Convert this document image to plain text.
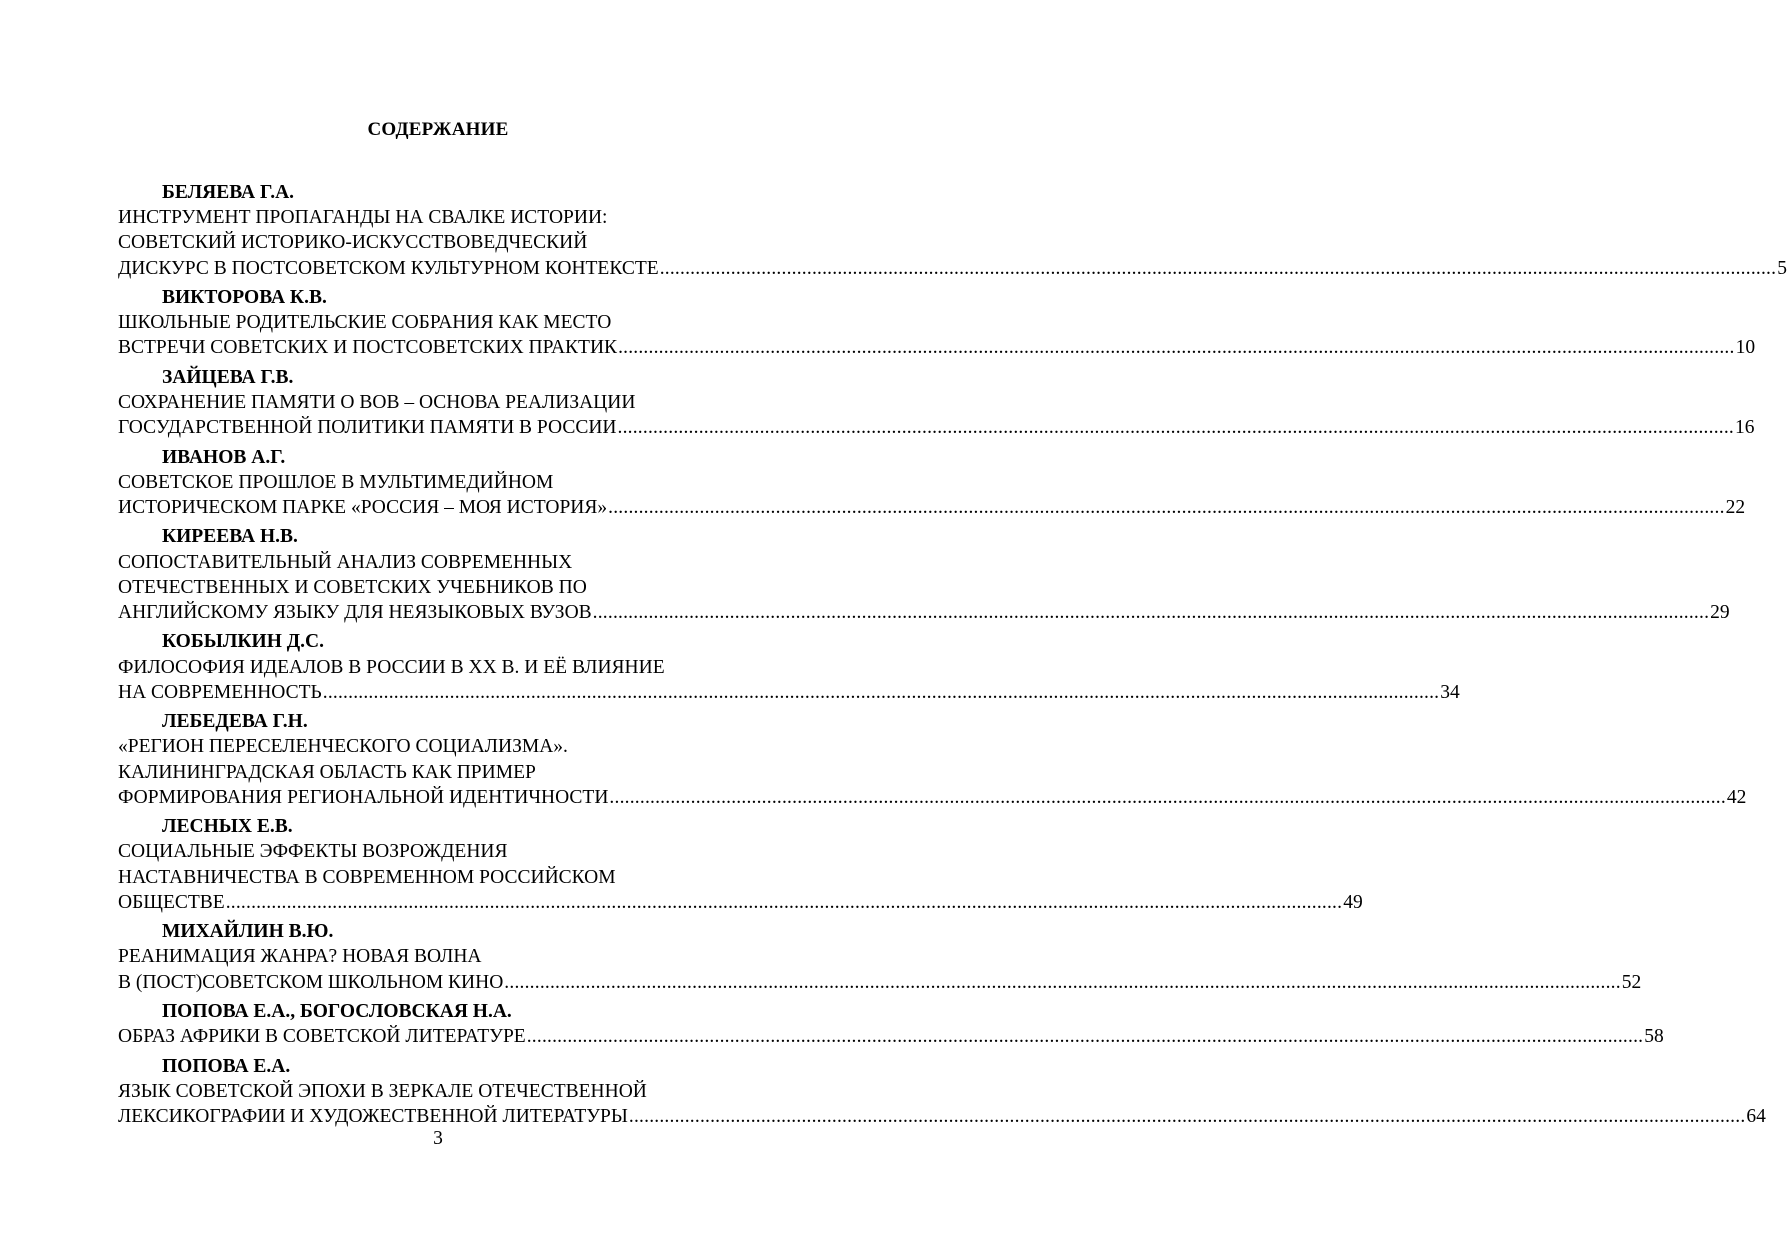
СОДЕРЖАНИЕ
БЕЛЯЕВА Г.А.
ИНСТРУМЕНТ ПРОПАГАНДЫ НА СВАЛКЕ ИСТОРИИ:
СОВЕТСКИЙ ИСТОРИКО-ИСКУССТВОВЕДЧЕСКИЙ
ДИСКУРС В ПОСТСОВЕТСКОМ КУЛЬТУРНОМ КОНТЕКСТЕ ............................................................................................................................................................................................................................ 5
ВИКТОРОВА К.В.
ШКОЛЬНЫЕ РОДИТЕЛЬСКИЕ СОБРАНИЯ КАК МЕСТО
ВСТРЕЧИ СОВЕТСКИХ И ПОСТСОВЕТСКИХ ПРАКТИК ............................................................................................................................................................................................................................ 10
ЗАЙЦЕВА Г.В.
СОХРАНЕНИЕ ПАМЯТИ О ВОВ – ОСНОВА РЕАЛИЗАЦИИ
ГОСУДАРСТВЕННОЙ ПОЛИТИКИ ПАМЯТИ В РОССИИ ............................................................................................................................................................................................................................ 16
ИВАНОВ А.Г.
СОВЕТСКОЕ ПРОШЛОЕ В МУЛЬТИМЕДИЙНОМ
ИСТОРИЧЕСКОМ ПАРКЕ «РОССИЯ – МОЯ ИСТОРИЯ» ............................................................................................................................................................................................................................ 22
КИРЕЕВА Н.В.
СОПОСТАВИТЕЛЬНЫЙ АНАЛИЗ СОВРЕМЕННЫХ
ОТЕЧЕСТВЕННЫХ И СОВЕТСКИХ УЧЕБНИКОВ ПО
АНГЛИЙСКОМУ ЯЗЫКУ ДЛЯ НЕЯЗЫКОВЫХ ВУЗОВ ............................................................................................................................................................................................................................ 29
КОБЫЛКИН Д.С.
ФИЛОСОФИЯ ИДЕАЛОВ В РОССИИ В XX В. И ЕЁ ВЛИЯНИЕ
НА СОВРЕМЕННОСТЬ ............................................................................................................................................................................................................................ 34
ЛЕБЕДЕВА Г.Н.
«РЕГИОН ПЕРЕСЕЛЕНЧЕСКОГО СОЦИАЛИЗМА».
КАЛИНИНГРАДСКАЯ ОБЛАСТЬ КАК ПРИМЕР
ФОРМИРОВАНИЯ РЕГИОНАЛЬНОЙ ИДЕНТИЧНОСТИ ............................................................................................................................................................................................................................ 42
ЛЕСНЫХ Е.В.
СОЦИАЛЬНЫЕ ЭФФЕКТЫ ВОЗРОЖДЕНИЯ
НАСТАВНИЧЕСТВА В СОВРЕМЕННОМ РОССИЙСКОМ
ОБЩЕСТВЕ ............................................................................................................................................................................................................................ 49
МИХАЙЛИН В.Ю.
РЕАНИМАЦИЯ ЖАНРА? НОВАЯ ВОЛНА
В (ПОСТ)СОВЕТСКОМ ШКОЛЬНОМ КИНО ............................................................................................................................................................................................................................ 52
ПОПОВА Е.А., БОГОСЛОВСКАЯ Н.А.
ОБРАЗ АФРИКИ В СОВЕТСКОЙ ЛИТЕРАТУРЕ ............................................................................................................................................................................................................................ 58
ПОПОВА Е.А.
ЯЗЫК СОВЕТСКОЙ ЭПОХИ В ЗЕРКАЛЕ ОТЕЧЕСТВЕННОЙ
ЛЕКСИКОГРАФИИ И ХУДОЖЕСТВЕННОЙ ЛИТЕРАТУРЫ ............................................................................................................................................................................................................................ 64
3
